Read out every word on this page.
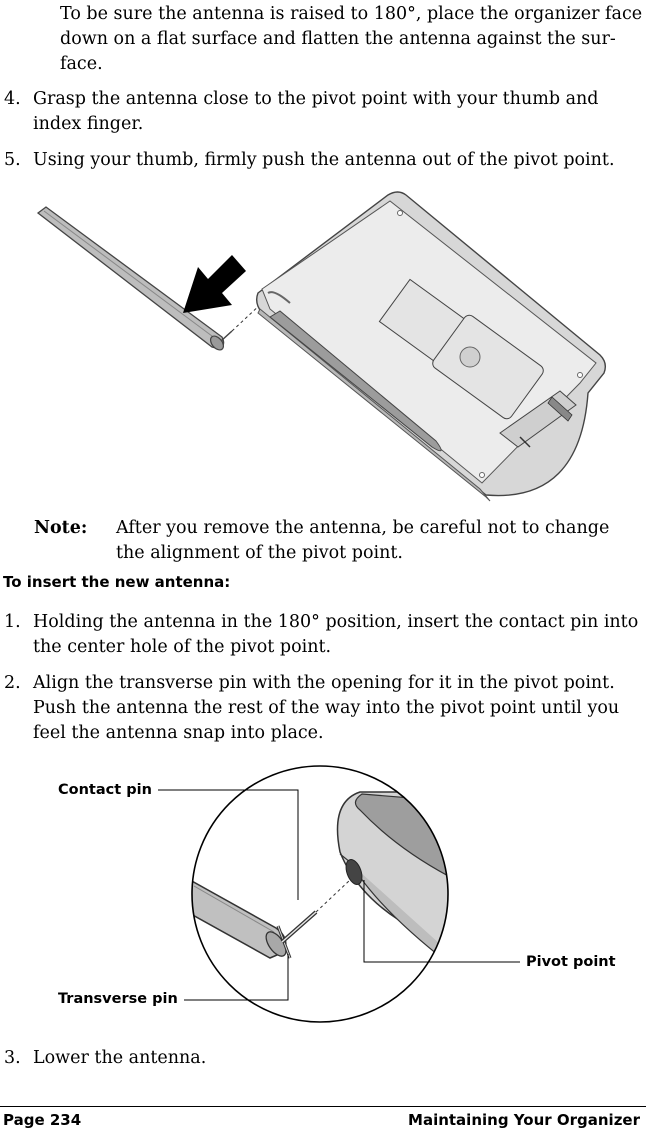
To be sure the antenna is raised to 180°, place the organizer face down on a flat surface and flatten the antenna against the sur-face.
4. Grasp the antenna close to the pivot point with your thumb and index finger.
5. Using your thumb, firmly push the antenna out of the pivot point.
Note: After you remove the antenna, be careful not to change the alignment of the pivot point.
To insert the new antenna:
1. Holding the antenna in the 180° position, insert the contact pin into the center hole of the pivot point.
2. Align the transverse pin with the opening for it in the pivot point. Push the antenna the rest of the way into the pivot point until you feel the antenna snap into place.
Contact pin
Transverse pin
Pivot point
3. Lower the antenna.
Page 234	Maintaining Your Organizer
